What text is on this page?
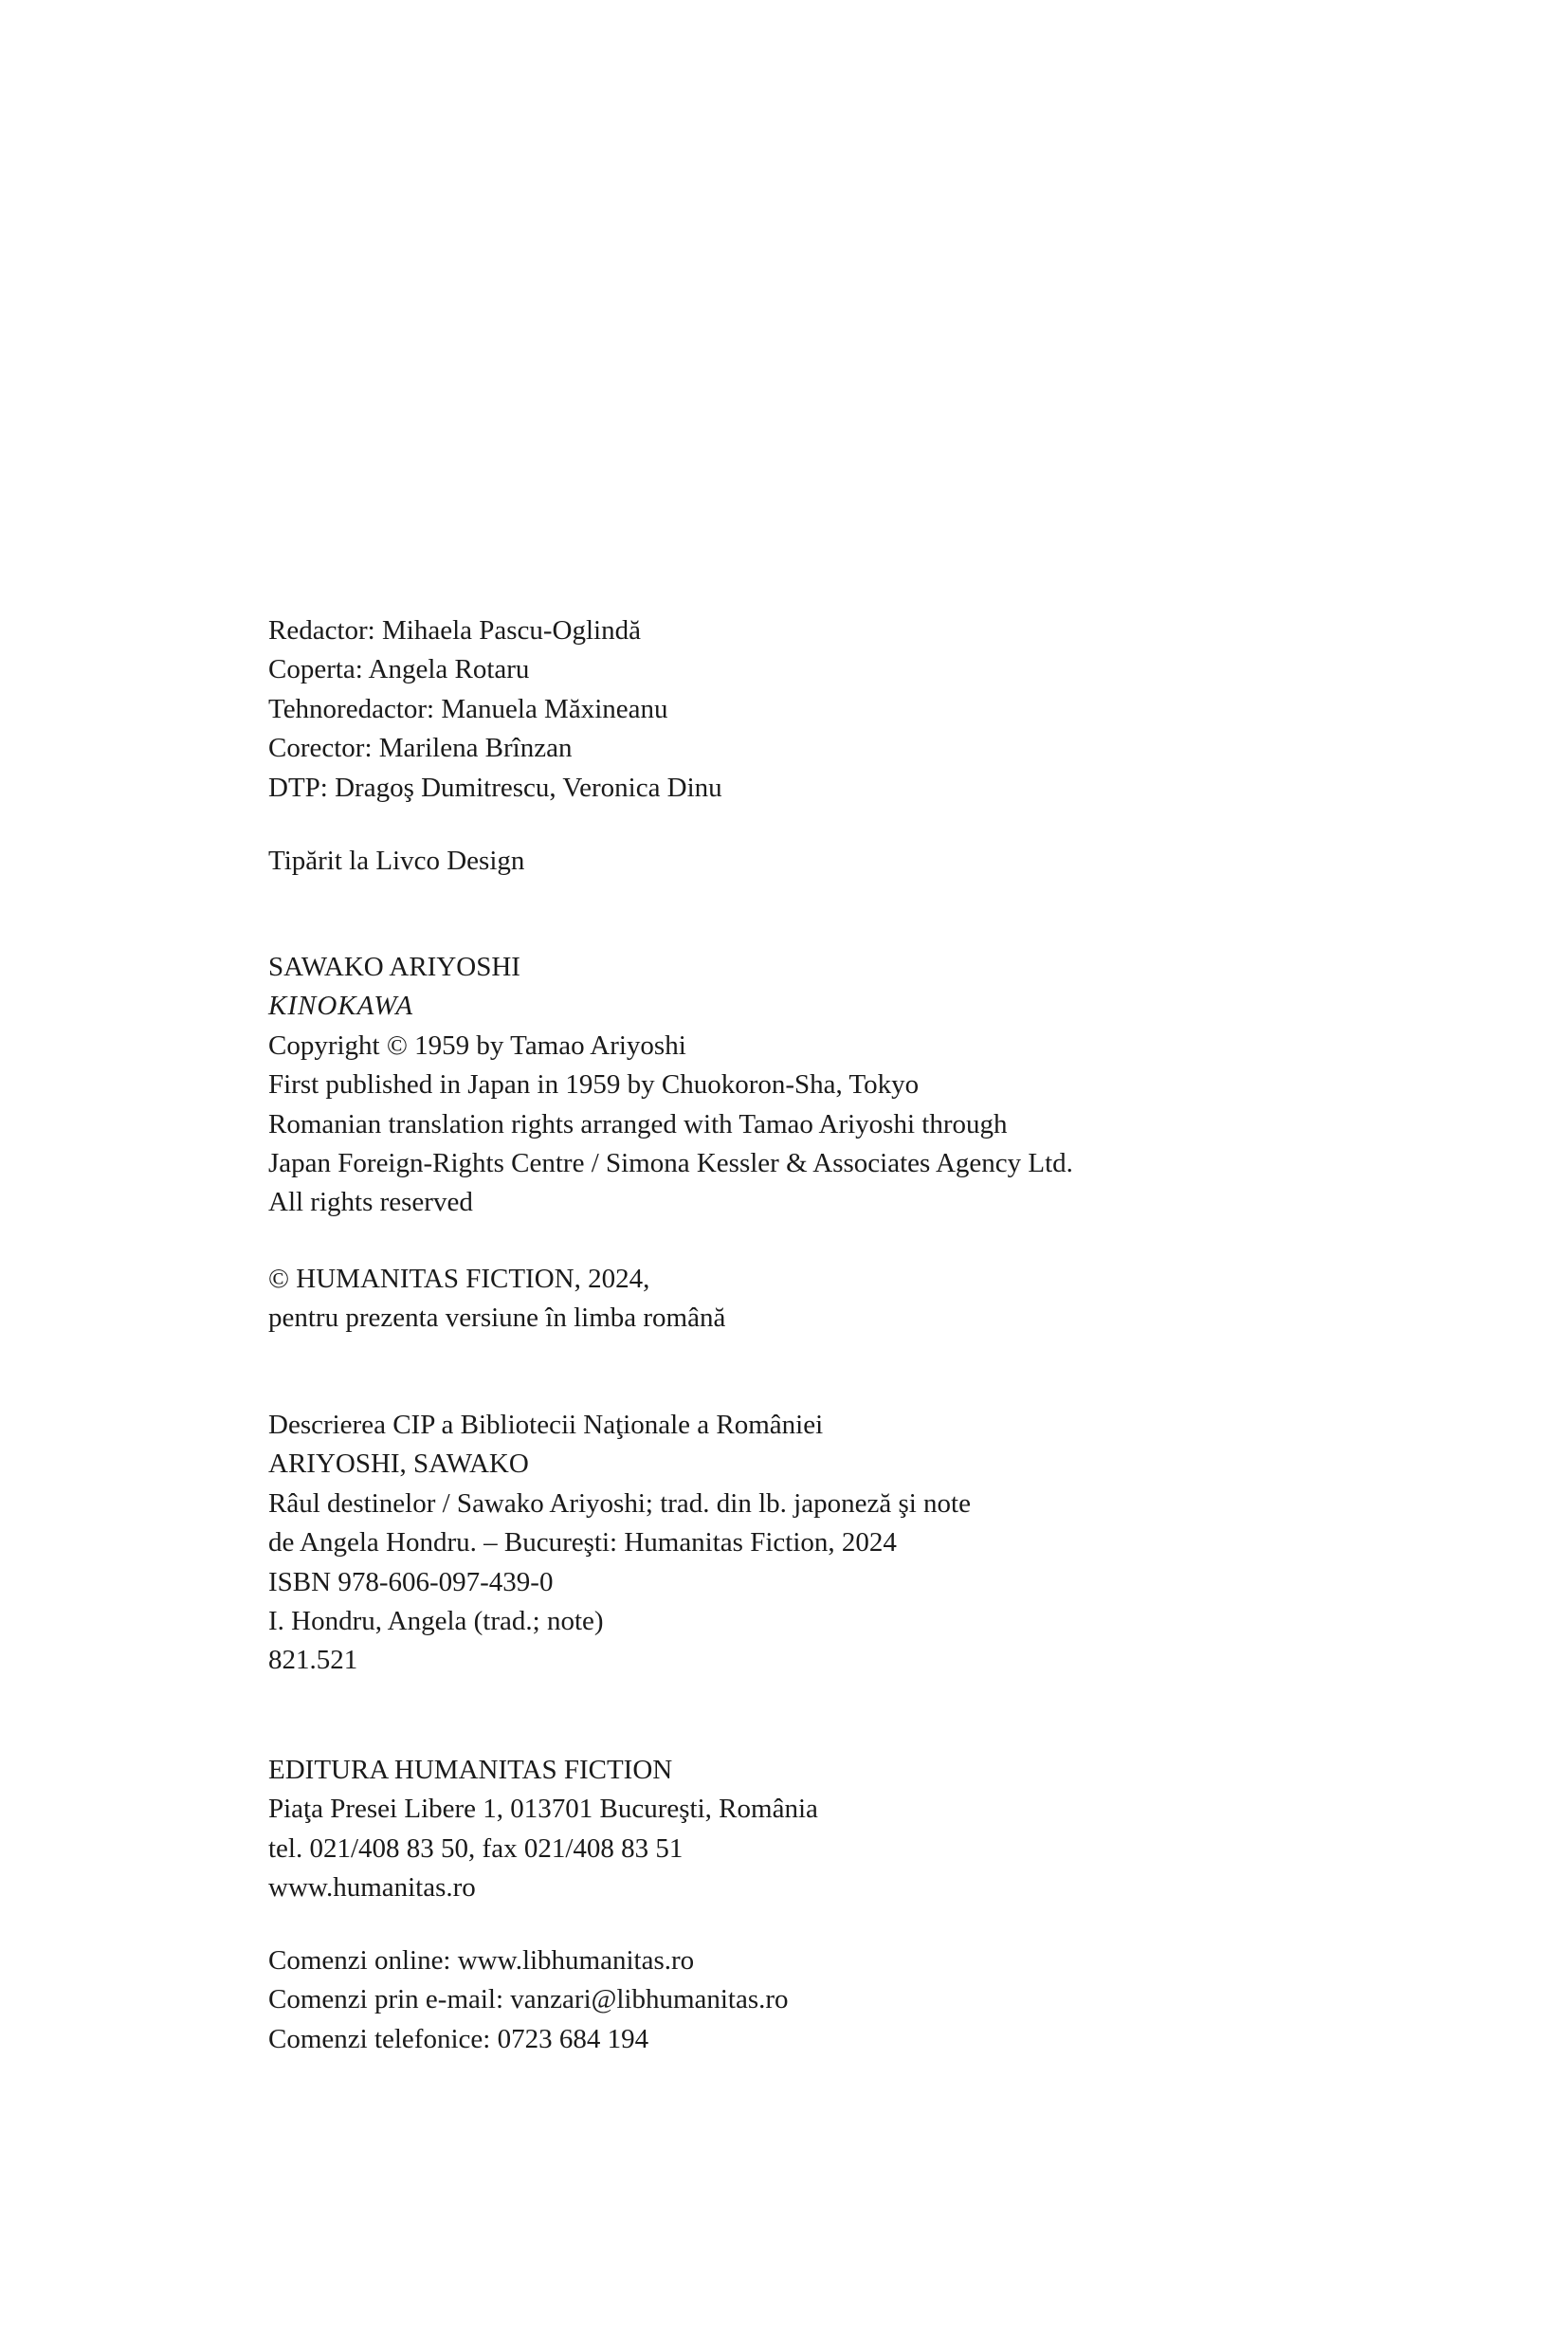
Redactor: Mihaela Pascu-Oglindă
Coperta: Angela Rotaru
Tehnoredactor: Manuela Măxineanu
Corector: Marilena Brînzan
DTP: Dragoş Dumitrescu, Veronica Dinu
Tipărit la Livco Design
SAWAKO ARIYOSHI
KINOKAWA
Copyright © 1959 by Tamao Ariyoshi
First published in Japan in 1959 by Chuokoron-Sha, Tokyo
Romanian translation rights arranged with Tamao Ariyoshi through
Japan Foreign-Rights Centre / Simona Kessler & Associates Agency Ltd.
All rights reserved
© HUMANITAS FICTION, 2024,
pentru prezenta versiune în limba română
Descrierea CIP a Bibliotecii Naţionale a României
ARIYOSHI, SAWAKO
Râul destinelor / Sawako Ariyoshi; trad. din lb. japoneză şi note
de Angela Hondru. – Bucureşti: Humanitas Fiction, 2024
ISBN 978-606-097-439-0
I. Hondru, Angela (trad.; note)
821.521
EDITURA HUMANITAS FICTION
Piaţa Presei Libere 1, 013701 Bucureşti, România
tel. 021/408 83 50, fax 021/408 83 51
www.humanitas.ro
Comenzi online: www.libhumanitas.ro
Comenzi prin e-mail: vanzari@libhumanitas.ro
Comenzi telefonice: 0723 684 194
